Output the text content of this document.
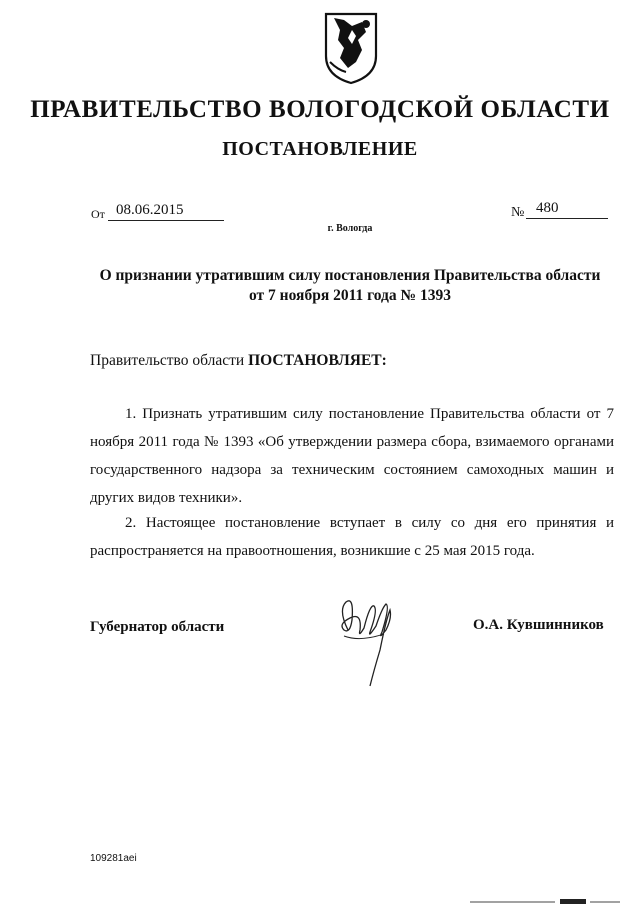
ПРАВИТЕЛЬСТВО ВОЛОГОДСКОЙ ОБЛАСТИ
ПОСТАНОВЛЕНИЕ
От 08.06.2015	№ 480
г. Вологда
О признании утратившим силу постановления Правительства области
от 7 ноября 2011 года № 1393
Правительство области ПОСТАНОВЛЯЕТ:
1. Признать утратившим силу постановление Правительства области от 7 ноября 2011 года № 1393 «Об утверждении размера сбора, взимаемого органами государственного надзора за техническим состоянием самоходных машин и других видов техники».
2. Настоящее постановление вступает в силу со дня его принятия и распространяется на правоотношения, возникшие с 25 мая 2015 года.
Губернатор области	О.А. Кувшинников
109281aei
